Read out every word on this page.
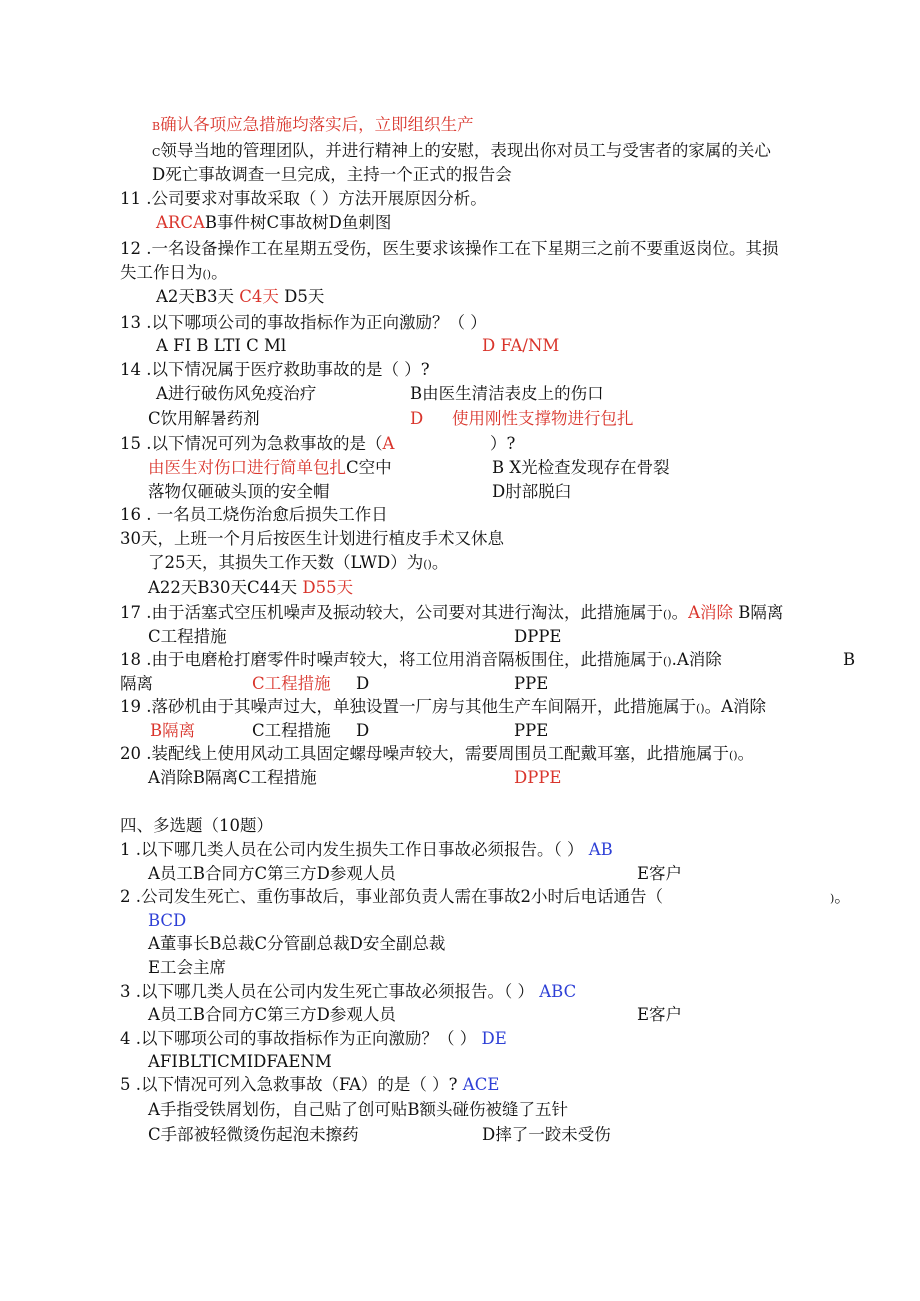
B确认各项应急措施均落实后，立即组织生产
C领导当地的管理团队，并进行精神上的安慰，表现出你对员工与受害者的家属的关心
D死亡事故调查一旦完成，主持一个正式的报告会
11 .公司要求对事故采取（ ）方法开展原因分析。
ARCAB事件树C事故树D鱼刺图
12 .一名设备操作工在星期五受伤，医生要求该操作工在下星期三之前不要重返岗位。其损
失工作日为()。
A2天B3天 C4天 D5天
13 .以下哪项公司的事故指标作为正向激励？（ ）
A FI B LTI C Ml	D FA/NM
14 .以下情况属于医疗救助事故的是（ ）?
A进行破伤风免疫治疗	B由医生清洁表皮上的伤口
C饮用解暑药剂	D 使用刚性支撑物进行包扎
15 .以下情况可列为急救事故的是（A	）?
由医生对伤口进行简单包扎C空中	B X光检查发现存在骨裂
落物仅砸破头顶的安全帽	D肘部脱臼
16 . 一名员工烧伤治愈后损失工作日
30天，上班一个月后按医生计划进行植皮手术又休息
了25天，其损失工作天数（LWD）为()。
A22天B30天C44天 D55天
17 .由于活塞式空压机噪声及振动较大，公司要对其进行淘汰，此措施属于()。A消除 B隔离
C工程措施	DPPE
18 .由于电磨枪打磨零件时噪声较大，将工位用消音隔板围住，此措施属于().A消除	B
隔离	C工程措施 D	PPE
19 .落砂机由于其噪声过大，单独设置一厂房与其他生产车间隔开，此措施属于()。A消除
B隔离	C工程措施 D	PPE
20 .装配线上使用风动工具固定螺母噪声较大，需要周围员工配戴耳塞，此措施属于()。
A消除B隔离C工程措施	DPPE
四、多选题（10题）
1 .以下哪几类人员在公司内发生损失工作日事故必须报告。（ ） AB
A员工B合同方C第三方D参观人员	E客户
2 .公司发生死亡、重伤事故后，事业部负责人需在事故2小时后电话通告（	)。
BCD
A董事长B总裁C分管副总裁D安全副总裁
E工会主席
3 .以下哪几类人员在公司内发生死亡事故必须报告。（ ） ABC
A员工B合同方C第三方D参观人员	E客户
4 .以下哪项公司的事故指标作为正向激励？（ ） DE
AFIBLTICMIDFAENM
5 .以下情况可列入急救事故（FA）的是（ ）? ACE
A手指受铁屑划伤，自己贴了创可贴B额头碰伤被缝了五针
C手部被轻微烫伤起泡未擦药	D摔了一跤未受伤
